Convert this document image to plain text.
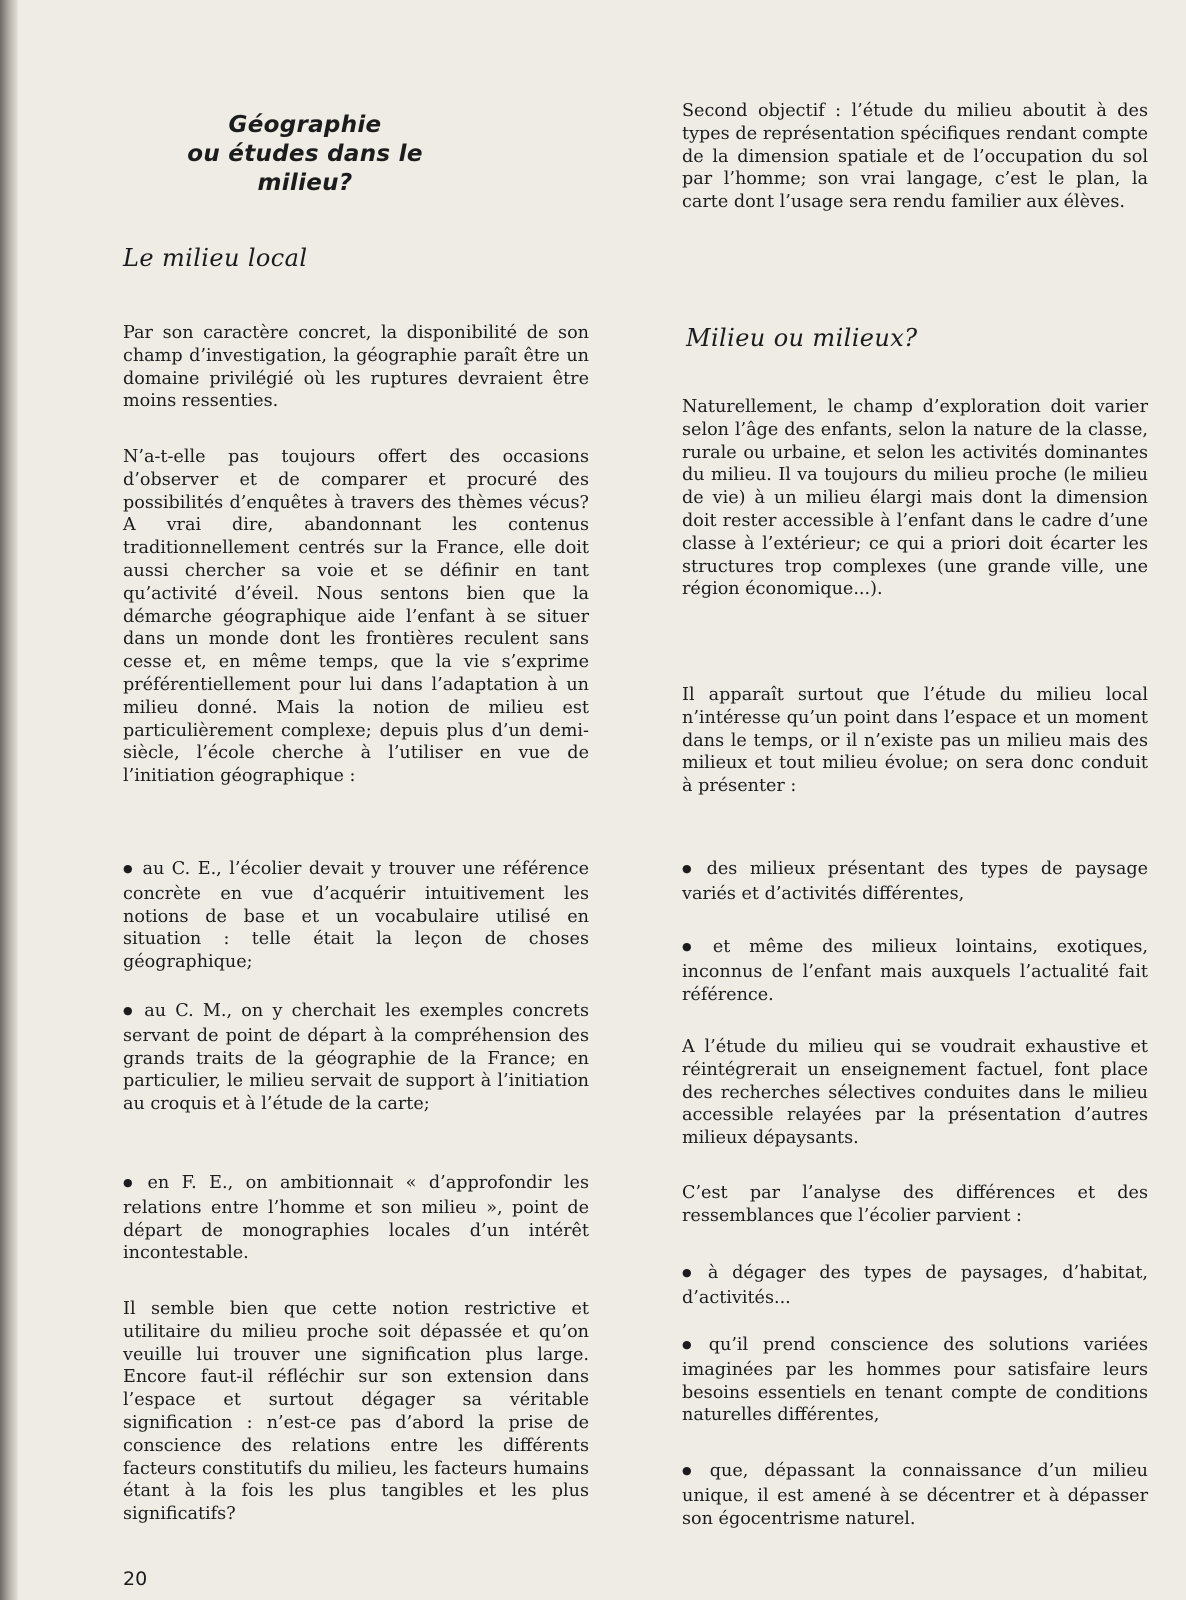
Géographie
ou études dans le milieu?
Le milieu local

Par son caractère concret, la disponibilité de son champ d’investigation, la géographie paraît être un domaine privilégié où les ruptures devraient être moins ressenties.

N’a-t-elle pas toujours offert des occasions d’observer et de comparer et procuré des possibilités d’enquêtes à travers des thèmes vécus? A vrai dire, abandonnant les contenus traditionnellement centrés sur la France, elle doit aussi chercher sa voie et se définir en tant qu’activité d’éveil. Nous sentons bien que la démarche géographique aide l’enfant à se situer dans un monde dont les frontières reculent sans cesse et, en même temps, que la vie s’exprime préférentiellement pour lui dans l’adaptation à un milieu donné. Mais la notion de milieu est particulièrement complexe; depuis plus d’un demi-siècle, l’école cherche à l’utiliser en vue de l’initiation géographique :

● au C. E., l’écolier devait y trouver une référence concrète en vue d’acquérir intuitivement les notions de base et un vocabulaire utilisé en situation : telle était la leçon de choses géographique;

● au C. M., on y cherchait les exemples concrets servant de point de départ à la compréhension des grands traits de la géographie de la France; en particulier, le milieu servait de support à l’initiation au croquis et à l’étude de la carte;

● en F. E., on ambitionnait « d’approfondir les relations entre l’homme et son milieu », point de départ de monographies locales d’un intérêt incontestable.

Il semble bien que cette notion restrictive et utilitaire du milieu proche soit dépassée et qu’on veuille lui trouver une signification plus large. Encore faut-il réfléchir sur son extension dans l’espace et surtout dégager sa véritable signification : n’est-ce pas d’abord la prise de conscience des relations entre les différents facteurs constitutifs du milieu, les facteurs humains étant à la fois les plus tangibles et les plus significatifs?

20

Second objectif : l’étude du milieu aboutit à des types de représentation spécifiques rendant compte de la dimension spatiale et de l’occupation du sol par l’homme; son vrai langage, c’est le plan, la carte dont l’usage sera rendu familier aux élèves.

Milieu ou milieux?

Naturellement, le champ d’exploration doit varier selon l’âge des enfants, selon la nature de la classe, rurale ou urbaine, et selon les activités dominantes du milieu. Il va toujours du milieu proche (le milieu de vie) à un milieu élargi mais dont la dimension doit rester accessible à l’enfant dans le cadre d’une classe à l’extérieur; ce qui a priori doit écarter les structures trop complexes (une grande ville, une région économique...).

Il apparaît surtout que l’étude du milieu local n’intéresse qu’un point dans l’espace et un moment dans le temps, or il n’existe pas un milieu mais des milieux et tout milieu évolue; on sera donc conduit à présenter :

● des milieux présentant des types de paysage variés et d’activités différentes,

● et même des milieux lointains, exotiques, inconnus de l’enfant mais auxquels l’actualité fait référence.

A l’étude du milieu qui se voudrait exhaustive et réintégrerait un enseignement factuel, font place des recherches sélectives conduites dans le milieu accessible relayées par la présentation d’autres milieux dépaysants.

C’est par l’analyse des différences et des ressemblances que l’écolier parvient :

● à dégager des types de paysages, d’habitat, d’activités...

● qu’il prend conscience des solutions variées imaginées par les hommes pour satisfaire leurs besoins essentiels en tenant compte de conditions naturelles différentes,

● que, dépassant la connaissance d’un milieu unique, il est amené à se décentrer et à dépasser son égocentrisme naturel.
